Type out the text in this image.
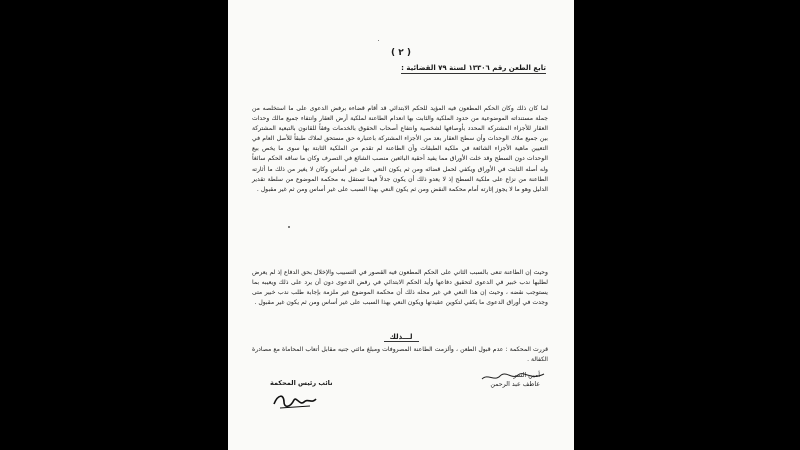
( ٢ )
تابع الطعن رقم ١٣٣٠٦ لسنة ٧٩ القضائية :
لما كان ذلك وكان الحكم المطعون فيه المؤيد للحكم الابتدائي قد أقام قضاءه برفض الدعوى على ما استخلصه من جملة مستنداته الموضوعية من حدود الملكية والثابت بها انعدام الطاعنة لملكية أرض العقار وانتفاء جميع مالك وحدات العقار للأجزاء المشتركة المحدد بأوصافها لشخصية وانتفاع أصحاب الحقوق بالخدمات وفقاً للقانون بالتبعية المشتركة بين جميع ملاك الوحدات وأن سطح العقار بعد من الأجزاء المشتركة باعتباره حق مستحق لملاك طبقاً للأصل العام في التعيين ماهية الأجزاء الشائعة في ملكية الطبقات وأن الطاعنة لم تقدم من الملكية الثابتة بها سوى ما يخص بيع الوحدات دون السطح وقد خلت الأوراق مما يفيد أحقية البائعين منصب الشائع في التصرف وكان ما ساقه الحكم سائغاً وله أصله الثابت في الأوراق ويكفي لحمل قضائه ومن ثم يكون النعي على غير أساس وكان لا يغير من ذلك ما أثارته الطاعنة من نزاع على ملكية السطح إذ لا يعدو ذلك أن يكون جدلاً فيما تستقل به محكمة الموضوع من سلطة تقدير الدليل وهو ما لا يجوز إثارته أمام محكمة النقض ومن ثم يكون النعي بهذا السبب على غير أساس ومن ثم غير مقبول .
وحيث إن الطاعنة تنعى بالسبب الثاني على الحكم المطعون فيه القصور في التسبيب والإخلال بحق الدفاع إذ لم يعرض لطلبها ندب خبير في الدعوى لتحقيق دفاعها وأيد الحكم الابتدائي في رفض الدعوى دون أن يرد على ذلك ويعيبه بما يستوجب نقضه ، وحيث إن هذا النعي في غير محله ذلك أن محكمة الموضوع غير ملزمة بإجابة طلب ندب خبير متى وجدت في أوراق الدعوى ما يكفي لتكوين عقيدتها ويكون النعي بهذا السبب على غير أساس ومن ثم يكون غير مقبول .
لـــذلك
قررت المحكمة : عدم قبول الطعن ، وألزمت الطاعنة المصروفات ومبلغ مائتي جنيه مقابل أتعاب المحاماة مع مصادرة الكفالة .
أمين السر
عاطف عبد الرحمن
نائب رئيس المحكمة
